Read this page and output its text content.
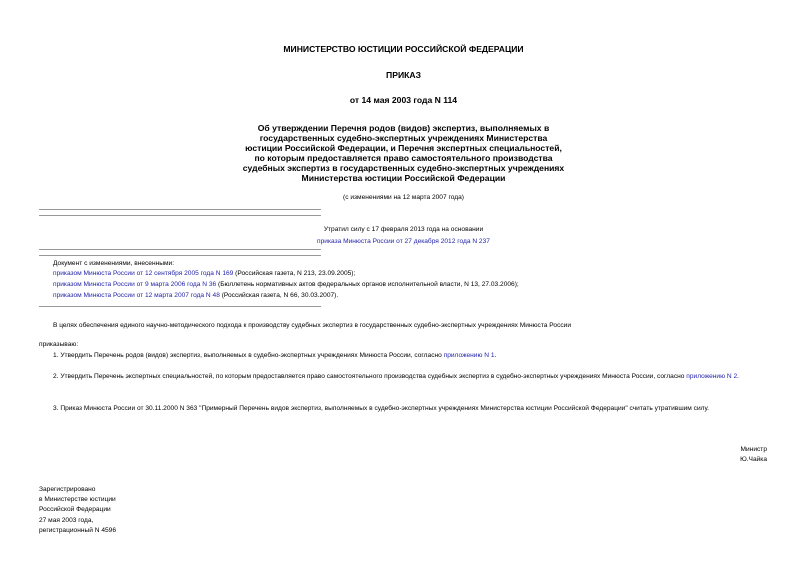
МИНИСТЕРСТВО ЮСТИЦИИ РОССИЙСКОЙ ФЕДЕРАЦИИ
ПРИКАЗ
от 14 мая 2003 года N 114
Об утверждении Перечня родов (видов) экспертиз, выполняемых в
государственных судебно-экспертных учреждениях Министерства
юстиции Российской Федерации, и Перечня экспертных специальностей,
по которым предоставляется право самостоятельного производства
судебных экспертиз в государственных судебно-экспертных учреждениях
Министерства юстиции Российской Федерации
(с изменениями на 12 марта 2007 года)
Утратил силу с 17 февраля 2013 года на основании
приказа Минюста России от 27 декабря 2012 года N 237
Документ с изменениями, внесенными:
приказом Минюста России от 12 сентября 2005 года N 169 (Российская газета, N 213, 23.09.2005);
приказом Минюста России от 9 марта 2006 года N 36 (Бюллетень нормативных актов федеральных органов исполнительной власти, N 13, 27.03.2006);
приказом Минюста России от 12 марта 2007 года N 48 (Российская газета, N 66, 30.03.2007).
В целях обеспечения единого научно-методического подхода к производству судебных экспертиз в государственных судебно-экспертных учреждениях Минюста России
приказываю:
1. Утвердить Перечень родов (видов) экспертиз, выполняемых в судебно-экспертных учреждениях Минюста России, согласно приложению N 1.
2. Утвердить Перечень экспертных специальностей, по которым предоставляется право самостоятельного производства судебных экспертиз в судебно-экспертных учреждениях Минюста России, согласно приложению N 2.
3. Приказ Минюста России от 30.11.2000 N 363 "Примерный Перечень видов экспертиз, выполняемых в судебно-экспертных учреждениях Министерства юстиции Российской Федерации" считать утратившим силу.
Министр
Ю.Чайка
Зарегистрировано
в Министерстве юстиции
Российской Федерации
27 мая 2003 года,
регистрационный N 4596
